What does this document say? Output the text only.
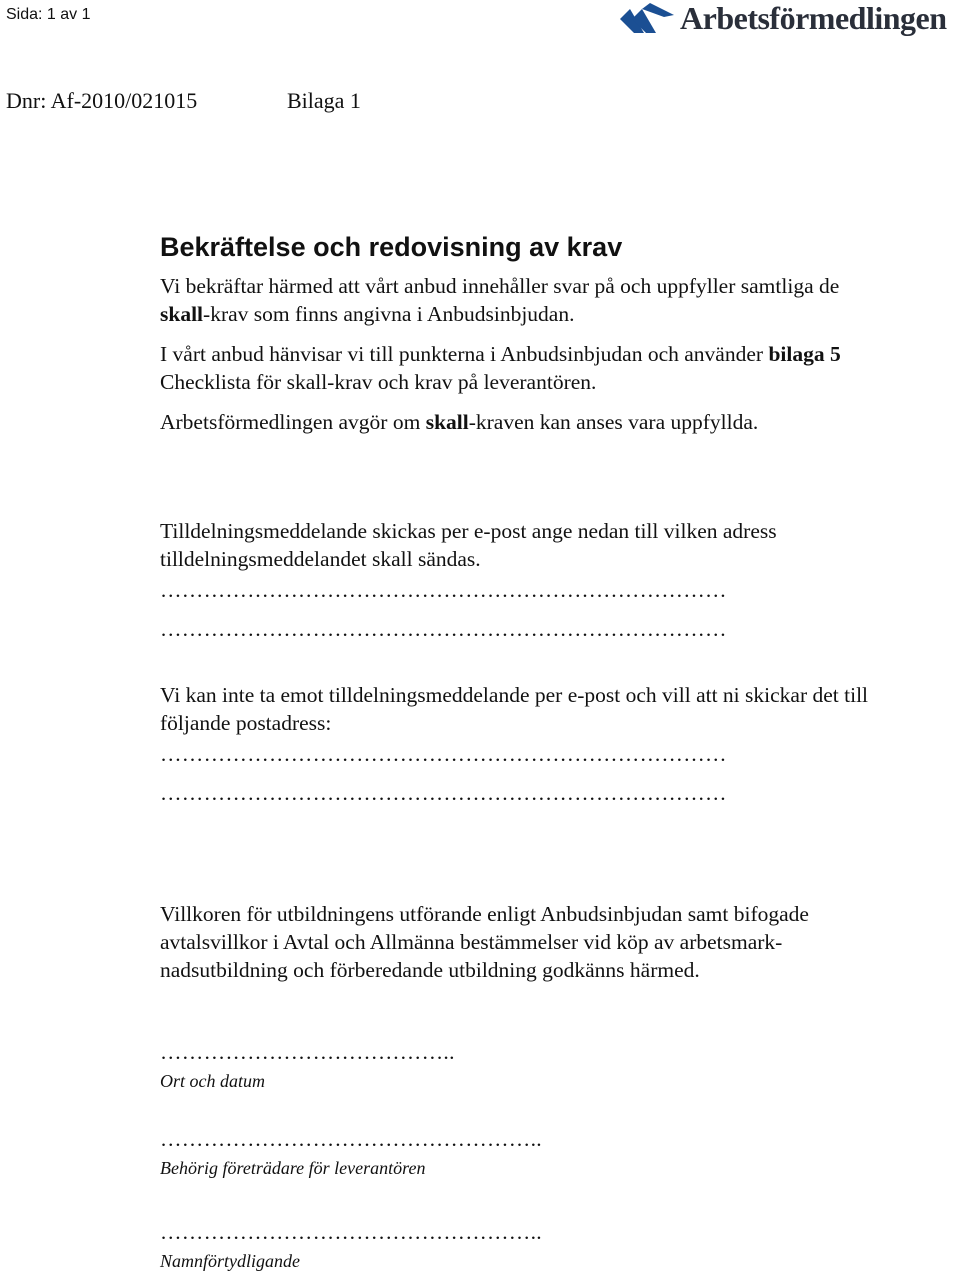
Sida: 1 av 1	Arbetsförmedlingen
Dnr: Af-2010/021015	Bilaga 1
Bekräftelse och redovisning av krav
Vi bekräftar härmed att vårt anbud innehåller svar på och uppfyller samtliga de
skall-krav som finns angivna i Anbudsinbjudan.
I vårt anbud hänvisar vi till punkterna i Anbudsinbjudan och använder bilaga 5
Checklista för skall-krav och krav på leverantören.
Arbetsförmedlingen avgör om skall-kraven kan anses vara uppfyllda.
Tilldelningsmeddelande skickas per e-post ange nedan till vilken adress
tilldelningsmeddelandet skall sändas.
……………………………………………………………………
……………………………………………………………………
Vi kan inte ta emot tilldelningsmeddelande per e-post och vill att ni skickar det till
följande postadress:
……………………………………………………………………
……………………………………………………………………
Villkoren för utbildningens utförande enligt Anbudsinbjudan samt bifogade
avtalsvillkor i Avtal och Allmänna bestämmelser vid köp av arbetsmark-
nadsutbildning och förberedande utbildning godkänns härmed.
…………………………………..
Ort och datum
……………………………………………..
Behörig företrädare för leverantören
……………………………………………..
Namnförtydligande
